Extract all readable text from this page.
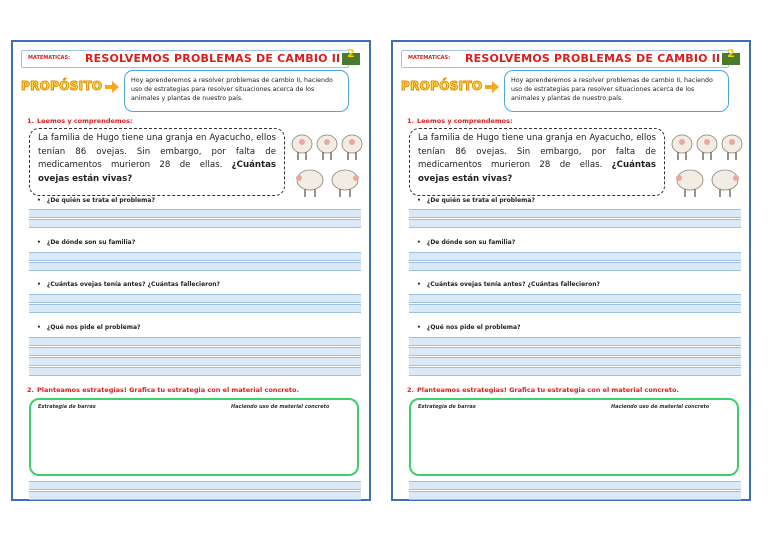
MATEMATICAS: RESOLVEMOS PROBLEMAS DE CAMBIO II 2
PROPÓSITO	Hoy aprenderemos a resolver problemas de cambio II, haciendo uso de estrategias para resolver situaciones acerca de los animales y plantas de nuestro país.
1. Leemos y comprendemos:
La familia de Hugo tiene una granja en Ayacucho, ellos tenían 86 ovejas. Sin embargo, por falta de medicamentos murieron 28 de ellas. ¿Cuántas ovejas están vivas?
• ¿De quién se trata el problema?
• ¿De dónde son su familia?
• ¿Cuántas ovejas tenía antes? ¿Cuántas fallecieron?
• ¿Qué nos pide el problema?
2. Planteamos estrategias! Grafica tu estrategia con el material concreto.
Estrategia de barras	Haciendo uso de material concreto
MATEMATICAS: RESOLVEMOS PROBLEMAS DE CAMBIO II 2
PROPÓSITO	Hoy aprenderemos a resolver problemas de cambio II, haciendo uso de estrategias para resolver situaciones acerca de los animales y plantas de nuestro país.
1. Leemos y comprendemos:
La familia de Hugo tiene una granja en Ayacucho, ellos tenían 86 ovejas. Sin embargo, por falta de medicamentos murieron 28 de ellas. ¿Cuántas ovejas están vivas?
• ¿De quién se trata el problema?
• ¿De dónde son su familia?
• ¿Cuántas ovejas tenía antes? ¿Cuántas fallecieron?
• ¿Qué nos pide el problema?
2. Planteamos estrategias! Grafica tu estrategia con el material concreto.
Estrategia de barras	Haciendo uso de material concreto
